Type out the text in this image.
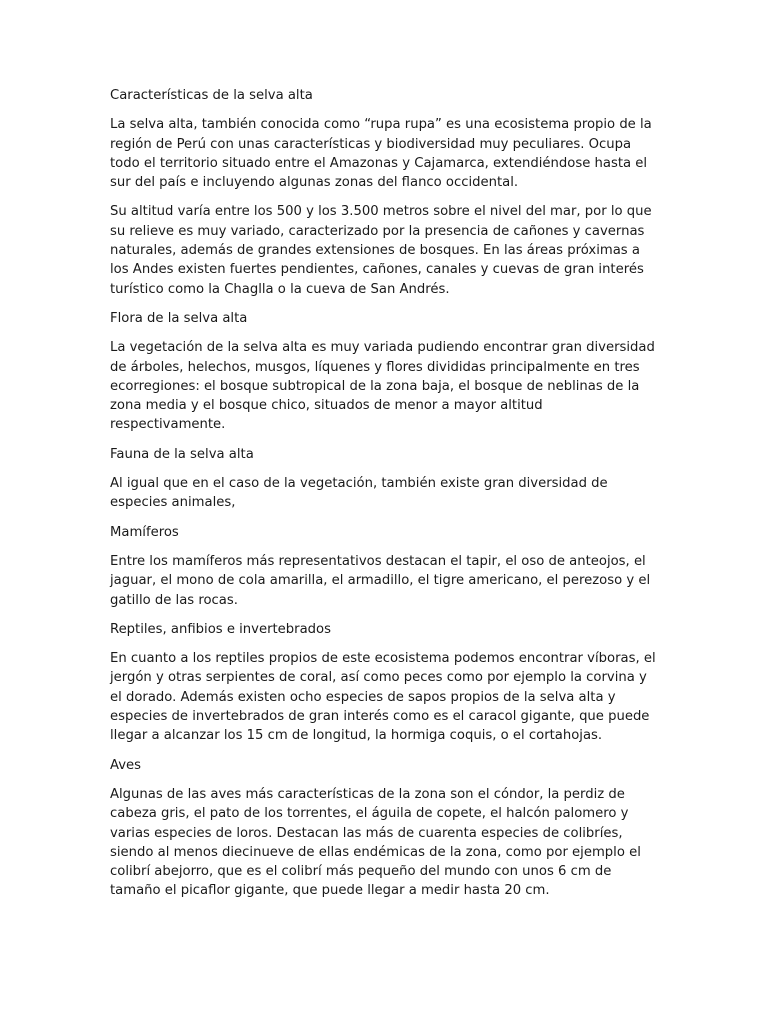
Características de la selva alta

La selva alta, también conocida como “rupa rupa” es una ecosistema propio de la región de Perú con unas características y biodiversidad muy peculiares. Ocupa todo el territorio situado entre el Amazonas y Cajamarca, extendiéndose hasta el sur del país e incluyendo algunas zonas del flanco occidental.

Su altitud varía entre los 500 y los 3.500 metros sobre el nivel del mar, por lo que su relieve es muy variado, caracterizado por la presencia de cañones y cavernas naturales, además de grandes extensiones de bosques. En las áreas próximas a los Andes existen fuertes pendientes, cañones, canales y cuevas de gran interés turístico como la Chaglla o la cueva de San Andrés.

Flora de la selva alta

La vegetación de la selva alta es muy variada pudiendo encontrar gran diversidad de árboles, helechos, musgos, líquenes y flores divididas principalmente en tres ecorregiones: el bosque subtropical de la zona baja, el bosque de neblinas de la zona media y el bosque chico, situados de menor a mayor altitud respectivamente.

Fauna de la selva alta

Al igual que en el caso de la vegetación, también existe gran diversidad de especies animales,

Mamíferos

Entre los mamíferos más representativos destacan el tapir, el oso de anteojos, el jaguar, el mono de cola amarilla, el armadillo, el tigre americano, el perezoso y el gatillo de las rocas.

Reptiles, anfibios e invertebrados

En cuanto a los reptiles propios de este ecosistema podemos encontrar víboras, el jergón y otras serpientes de coral, así como peces como por ejemplo la corvina y el dorado. Además existen ocho especies de sapos propios de la selva alta y especies de invertebrados de gran interés como es el caracol gigante, que puede llegar a alcanzar los 15 cm de longitud, la hormiga coquis, o el cortahojas.

Aves

Algunas de las aves más características de la zona son el cóndor, la perdiz de cabeza gris, el pato de los torrentes, el águila de copete, el halcón palomero y varias especies de loros. Destacan las más de cuarenta especies de colibríes, siendo al menos diecinueve de ellas endémicas de la zona, como por ejemplo el colibrí abejorro, que es el colibrí más pequeño del mundo con unos 6 cm de tamaño el picaflor gigante, que puede llegar a medir hasta 20 cm.
